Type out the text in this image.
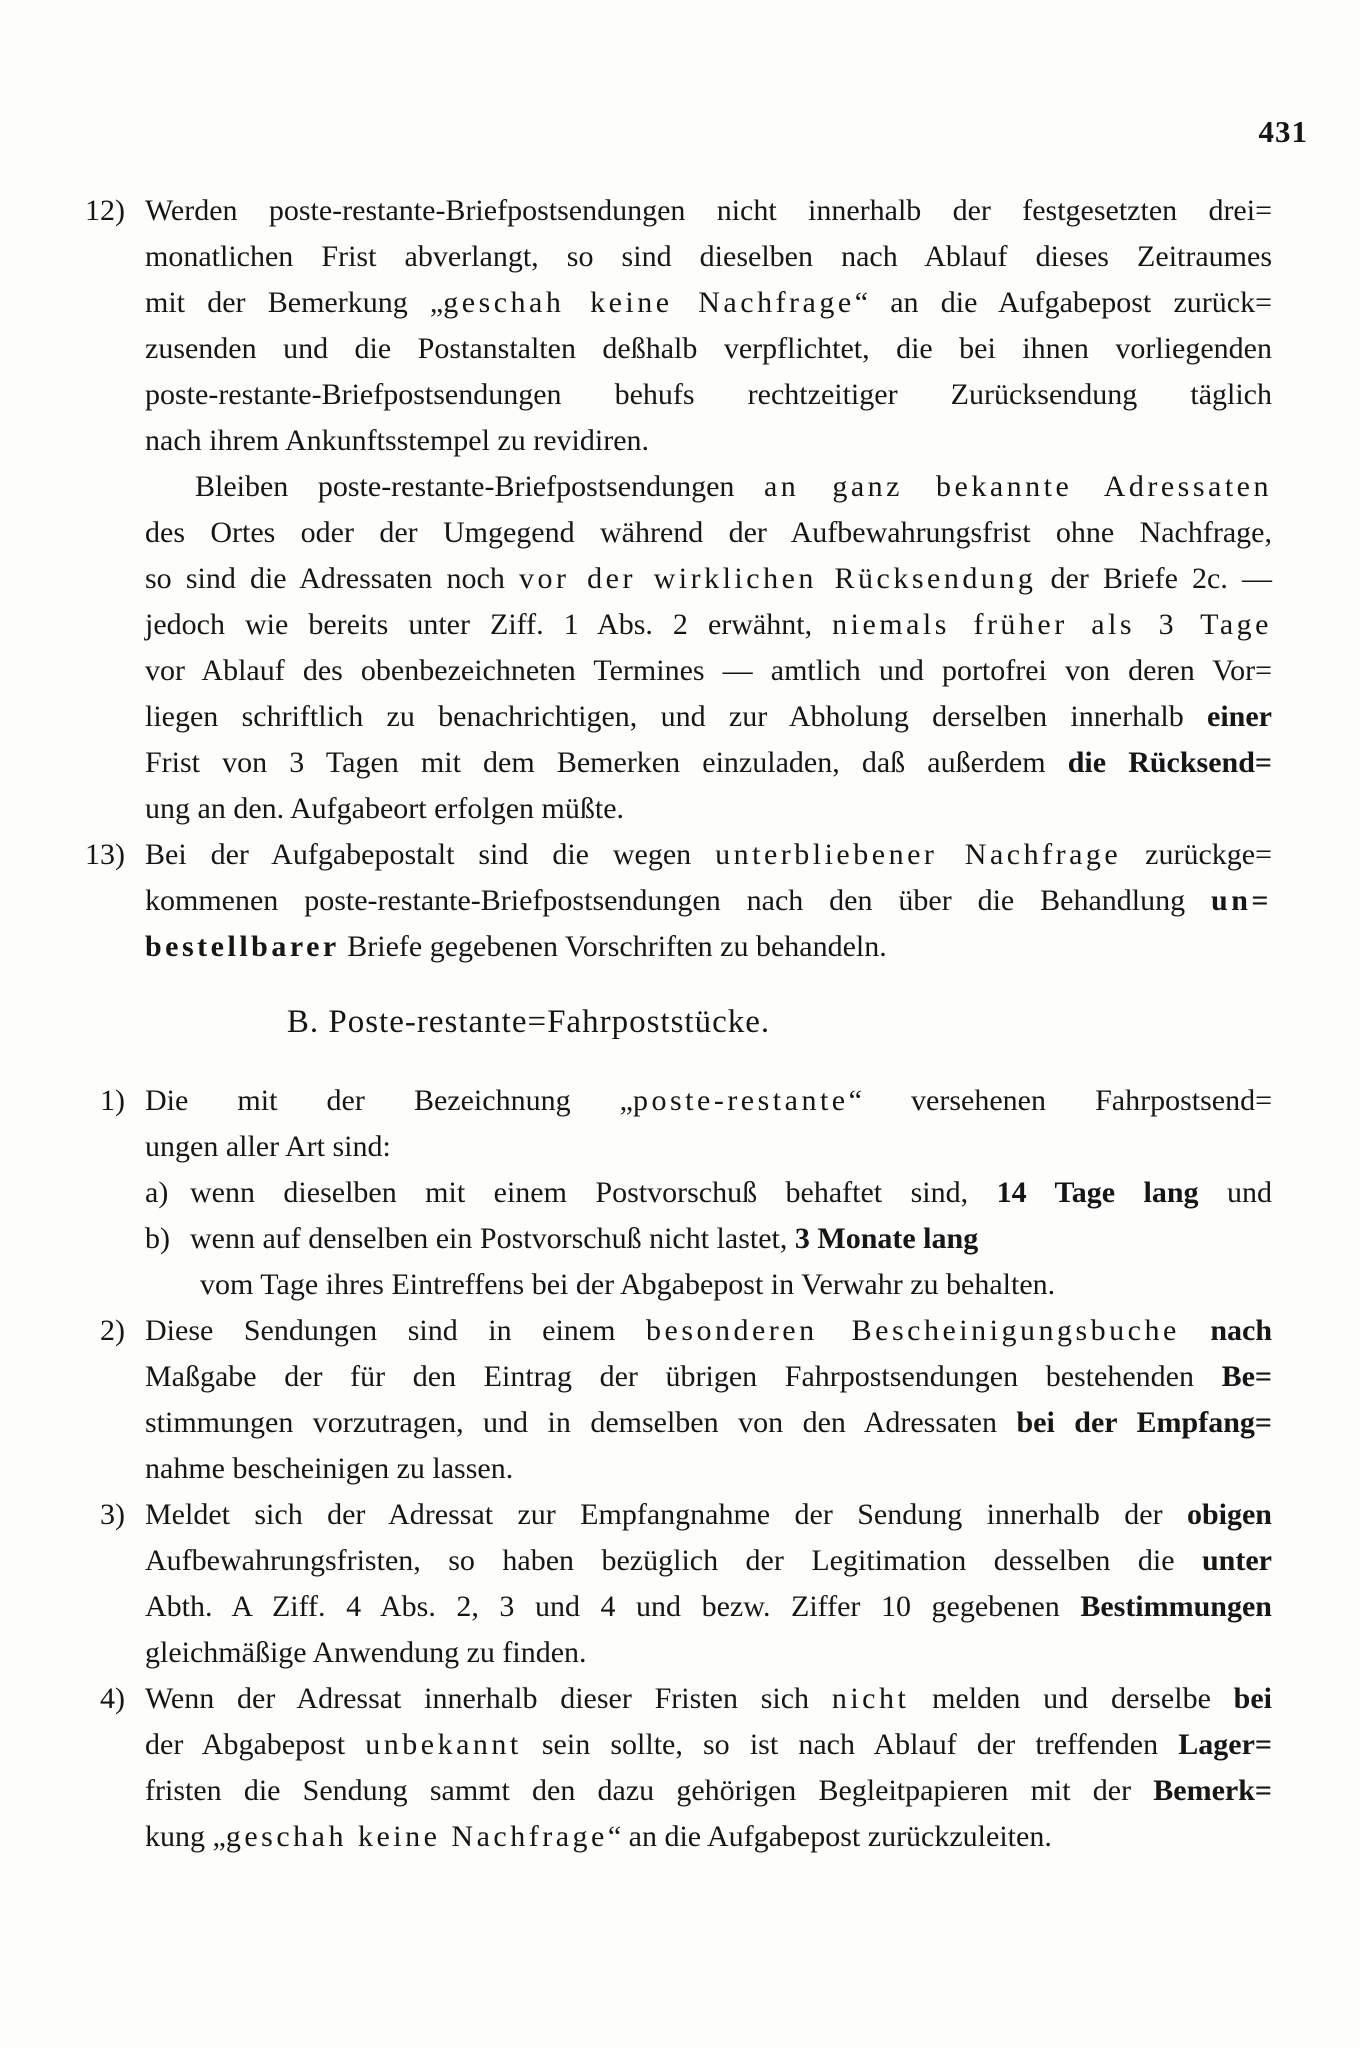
431
12) Werden poste-restante-Briefpostsendungen nicht innerhalb der festgesetzten drei=
monatlichen Frist abverlangt, so sind dieselben nach Ablauf dieses Zeitraumes
mit der Bemerkung „geschah keine Nachfrage“ an die Aufgabepost zurück=
zusenden und die Postanstalten deßhalb verpflichtet, die bei ihnen vorliegenden
poste-restante-Briefpostsendungen behufs rechtzeitiger Zurücksendung täglich
nach ihrem Ankunftsstempel zu revidiren.
Bleiben poste-restante-Briefpostsendungen an ganz bekannte Adressaten
des Ortes oder der Umgegend während der Aufbewahrungsfrist ohne Nachfrage,
so sind die Adressaten noch vor der wirklichen Rücksendung der Briefe 2c. —
jedoch wie bereits unter Ziff. 1 Abs. 2 erwähnt, niemals früher als 3 Tage
vor Ablauf des obenbezeichneten Termines — amtlich und portofrei von deren Vor=
liegen schriftlich zu benachrichtigen, und zur Abholung derselben innerhalb einer
Frist von 3 Tagen mit dem Bemerken einzuladen, daß außerdem die Rücksend=
ung an den. Aufgabeort erfolgen müßte.
13) Bei der Aufgabepostalt sind die wegen unterbliebener Nachfrage zurückge=
kommenen poste-restante-Briefpostsendungen nach den über die Behandlung un=
bestellbarer Briefe gegebenen Vorschriften zu behandeln.
B. Poste-restante=Fahrpoststücke.
1) Die mit der Bezeichnung „poste-restante“ versehenen Fahrpostsend=
ungen aller Art sind:
a) wenn dieselben mit einem Postvorschuß behaftet sind, 14 Tage lang und
b) wenn auf denselben ein Postvorschuß nicht lastet, 3 Monate lang
vom Tage ihres Eintreffens bei der Abgabepost in Verwahr zu behalten.
2) Diese Sendungen sind in einem besonderen Bescheinigungsbuche nach
Maßgabe der für den Eintrag der übrigen Fahrpostsendungen bestehenden Be=
stimmungen vorzutragen, und in demselben von den Adressaten bei der Empfang=
nahme bescheinigen zu lassen.
3) Meldet sich der Adressat zur Empfangnahme der Sendung innerhalb der obigen
Aufbewahrungsfristen, so haben bezüglich der Legitimation desselben die unter
Abth. A Ziff. 4 Abs. 2, 3 und 4 und bezw. Ziffer 10 gegebenen Bestimmungen
gleichmäßige Anwendung zu finden.
4) Wenn der Adressat innerhalb dieser Fristen sich nicht melden und derselbe bei
der Abgabepost unbekannt sein sollte, so ist nach Ablauf der treffenden Lager=
fristen die Sendung sammt den dazu gehörigen Begleitpapieren mit der Bemerk=
kung „geschah keine Nachfrage“ an die Aufgabepost zurückzuleiten.
